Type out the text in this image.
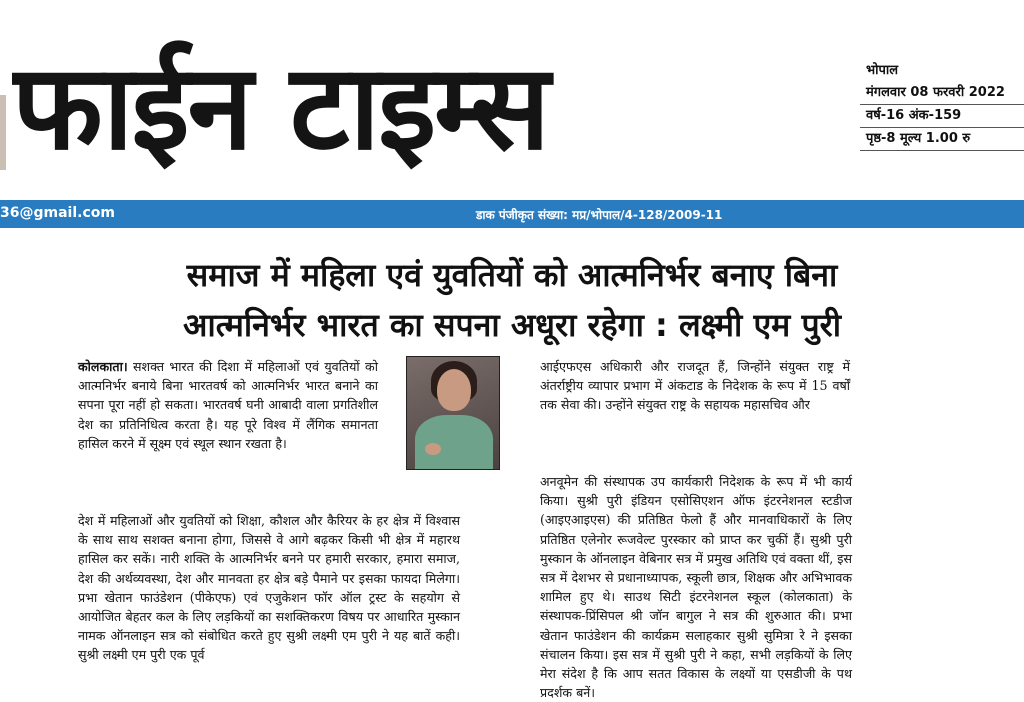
फाईन टाइम्स	भोपाल
मंगलवार 08 फरवरी 2022
वर्ष-16 अंक-159
पृष्ठ-8 मूल्य 1.00 रु
36@gmail.com	डाक पंजीकृत संख्या: मप्र/भोपाल/4-128/2009-11
समाज में महिला एवं युवतियों को आत्मनिर्भर बनाए बिना
आत्मनिर्भर भारत का सपना अधूरा रहेगा : लक्ष्मी एम पुरी
कोलकाता। सशक्त भारत की दिशा में महिलाओं एवं युवतियों को आत्मनिर्भर बनाये बिना भारतवर्ष को आत्मनिर्भर भारत बनाने का सपना पूरा नहीं हो सकता। भारतवर्ष घनी आबादी वाला प्रगतिशील देश का प्रतिनिधित्व करता है। यह पूरे विश्व में लैंगिक समानता हासिल करने में सूक्ष्म एवं स्थूल स्थान रखता है।
देश में महिलाओं और युवतियों को शिक्षा, कौशल और कैरियर के हर क्षेत्र में विश्वास के साथ साथ सशक्त बनाना होगा, जिससे वे आगे बढ़कर किसी भी क्षेत्र में महारथ हासिल कर सकें। नारी शक्ति के आत्मनिर्भर बनने पर हमारी सरकार, हमारा समाज, देश की अर्थव्यवस्था, देश और मानवता हर क्षेत्र बड़े पैमाने पर इसका फायदा मिलेगा। प्रभा खेतान फाउंडेशन (पीकेएफ) एवं एजुकेशन फॉर ऑल ट्रस्ट के सहयोग से आयोजित बेहतर कल के लिए लड़कियों का सशक्तिकरण विषय पर आधारित मुस्कान नामक ऑनलाइन सत्र को संबोधित करते हुए सुश्री लक्ष्मी एम पुरी ने यह बातें कही। सुश्री लक्ष्मी एम पुरी एक पूर्व
आईएफएस अधिकारी और राजदूत हैं, जिन्होंने संयुक्त राष्ट्र में अंतर्राष्ट्रीय व्यापार प्रभाग में अंकटाड के निदेशक के रूप में 15 वर्षों तक सेवा की। उन्होंने संयुक्त राष्ट्र के सहायक महासचिव और
अनवूमेन की संस्थापक उप कार्यकारी निदेशक के रूप में भी कार्य किया। सुश्री पुरी इंडियन एसोसिएशन ऑफ इंटरनेशनल स्टडीज (आइएआइएस) की प्रतिष्ठित फेलो हैं और मानवाधिकारों के लिए प्रतिष्ठित एलेनोर रूजवेल्ट पुरस्कार को प्राप्त कर चुकीं हैं। सुश्री पुरी मुस्कान के ऑनलाइन वेबिनार सत्र में प्रमुख अतिथि एवं वक्ता थीं, इस सत्र में देशभर से प्रधानाध्यापक, स्कूली छात्र, शिक्षक और अभिभावक शामिल हुए थे। साउथ सिटी इंटरनेशनल स्कूल (कोलकाता) के संस्थापक-प्रिंसिपल श्री जॉन बागुल ने सत्र की शुरुआत की। प्रभा खेतान फाउंडेशन की कार्यक्रम सलाहकार सुश्री सुमित्रा रे ने इसका संचालन किया। इस सत्र में सुश्री पुरी ने कहा, सभी लड़कियों के लिए मेरा संदेश है कि आप सतत विकास के लक्ष्यों या एसडीजी के पथ प्रदर्शक बनें।
